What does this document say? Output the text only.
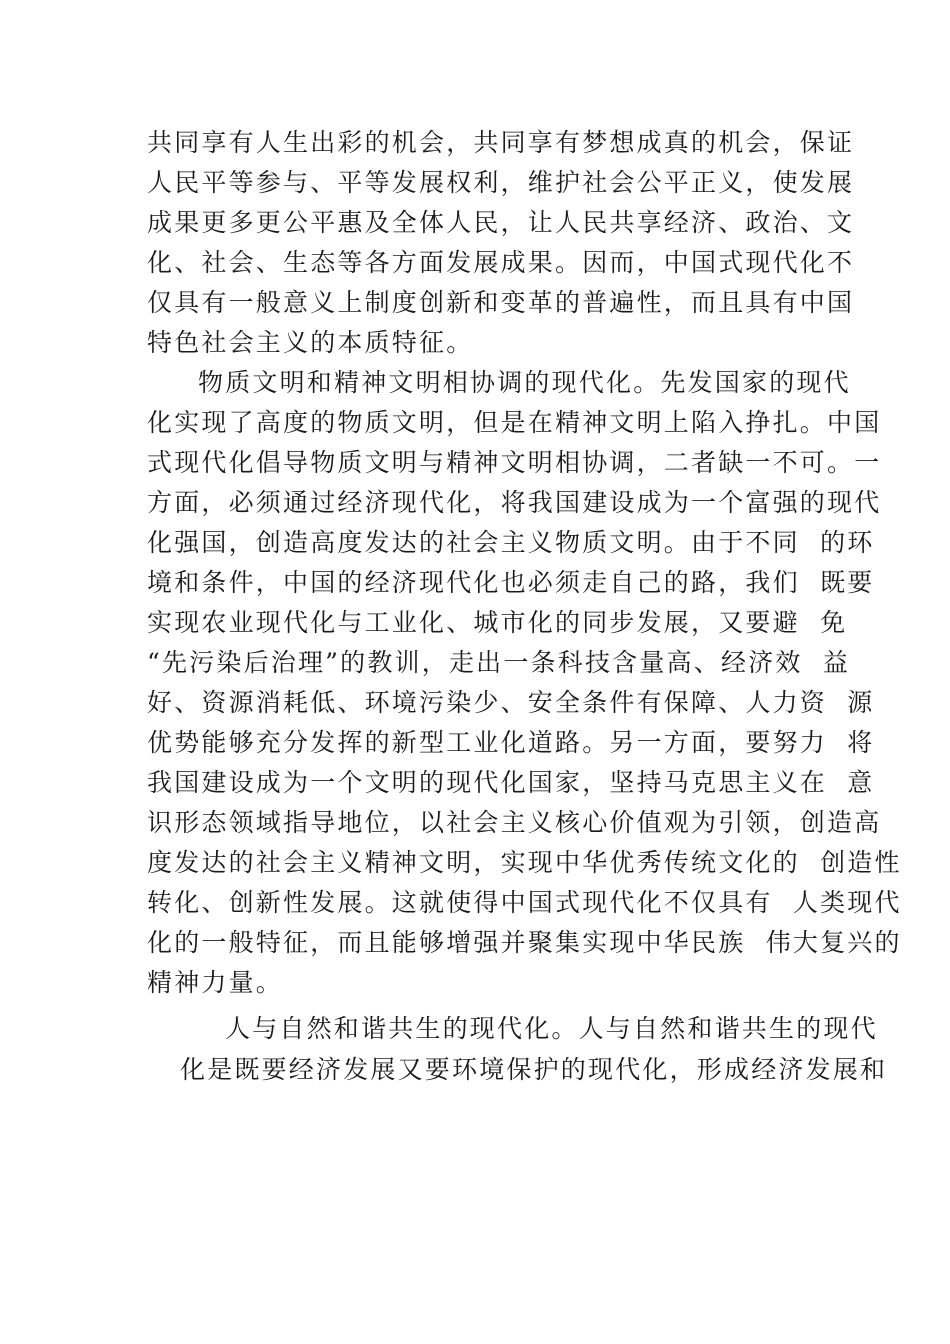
共同享有人生出彩的机会，共同享有梦想成真的机会，保证
人民平等参与、平等发展权利，维护社会公平正义，使发展
成果更多更公平惠及全体人民，让人民共享经济、政治、文
化、社会、生态等各方面发展成果。因而，中国式现代化不
仅具有一般意义上制度创新和变革的普遍性，而且具有中国
特色社会主义的本质特征。
物质文明和精神文明相协调的现代化。先发国家的现代
化实现了高度的物质文明，但是在精神文明上陷入挣扎。中国
式现代化倡导物质文明与精神文明相协调，二者缺一不可。一
方面，必须通过经济现代化，将我国建设成为一个富强的现代
化强国，创造高度发达的社会主义物质文明。由于不同  的环
境和条件，中国的经济现代化也必须走自己的路，我们  既要
实现农业现代化与工业化、城市化的同步发展，又要避  免
“先污染后治理”的教训，走出一条科技含量高、经济效  益
好、资源消耗低、环境污染少、安全条件有保障、人力资  源
优势能够充分发挥的新型工业化道路。另一方面，要努力  将
我国建设成为一个文明的现代化国家，坚持马克思主义在  意
识形态领域指导地位，以社会主义核心价值观为引领，创造高
度发达的社会主义精神文明，实现中华优秀传统文化的  创造性
转化、创新性发展。这就使得中国式现代化不仅具有  人类现代
化的一般特征，而且能够增强并聚集实现中华民族  伟大复兴的
精神力量。
人与自然和谐共生的现代化。人与自然和谐共生的现代
化是既要经济发展又要环境保护的现代化，形成经济发展和
